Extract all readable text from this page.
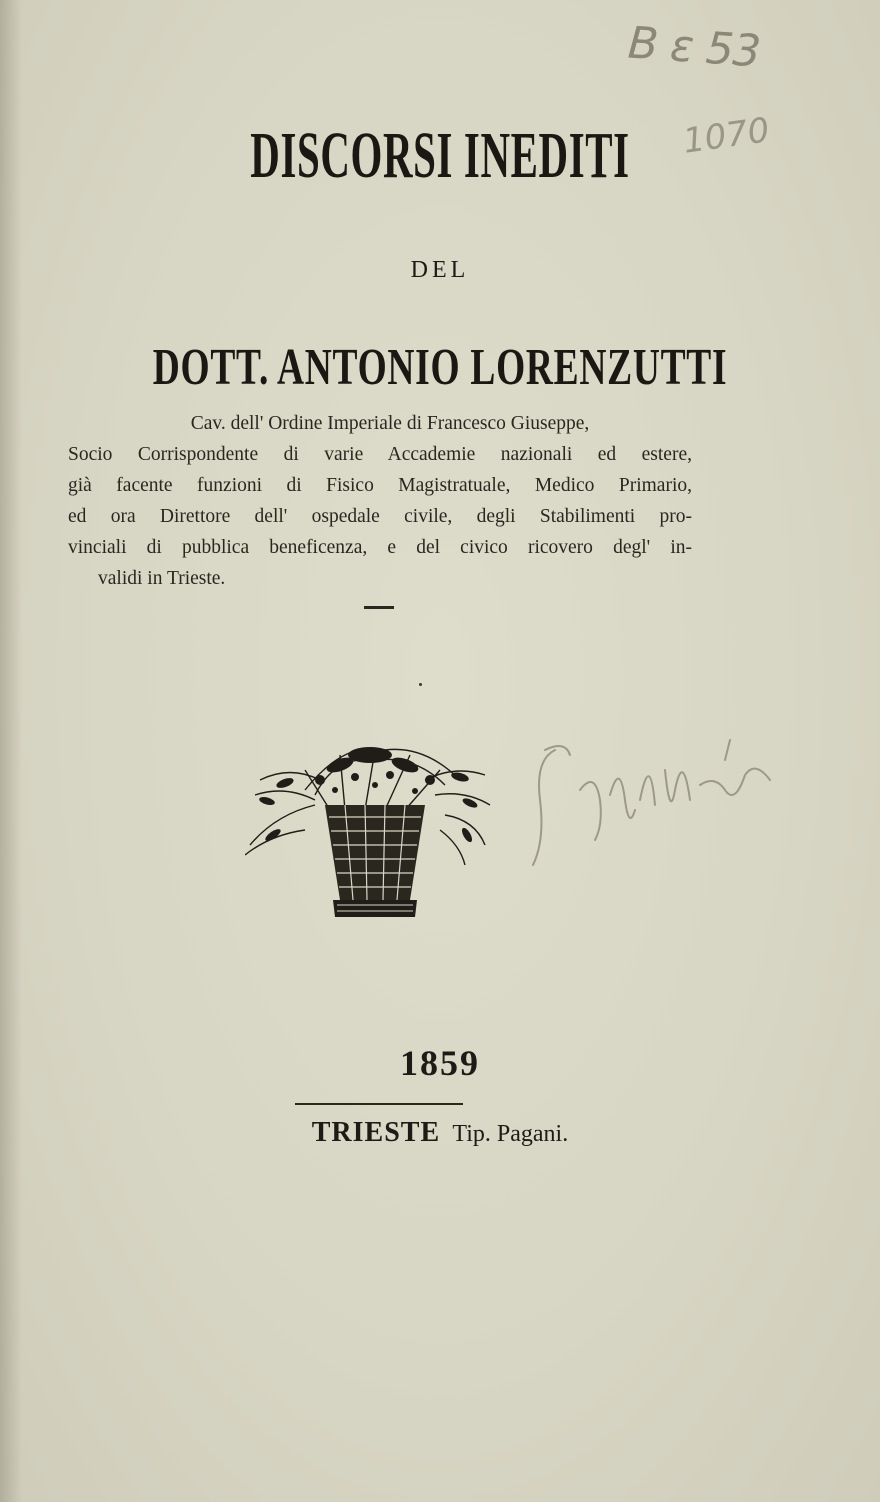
B ε 53
1070
DISCORSI INEDITI
DEL
DOTT. ANTONIO LORENZUTTI
Cav. dell' Ordine Imperiale di Francesco Giuseppe,
Socio Corrispondente di varie Accademie nazionali ed estere,
già facente funzioni di Fisico Magistratuale, Medico Primario,
ed ora Direttore dell' ospedale civile, degli Stabilimenti pro-
vinciali di pubblica beneficenza, e del civico ricovero degl' in-
validi in Trieste.
1859
TRIESTE Tip. Pagani.
